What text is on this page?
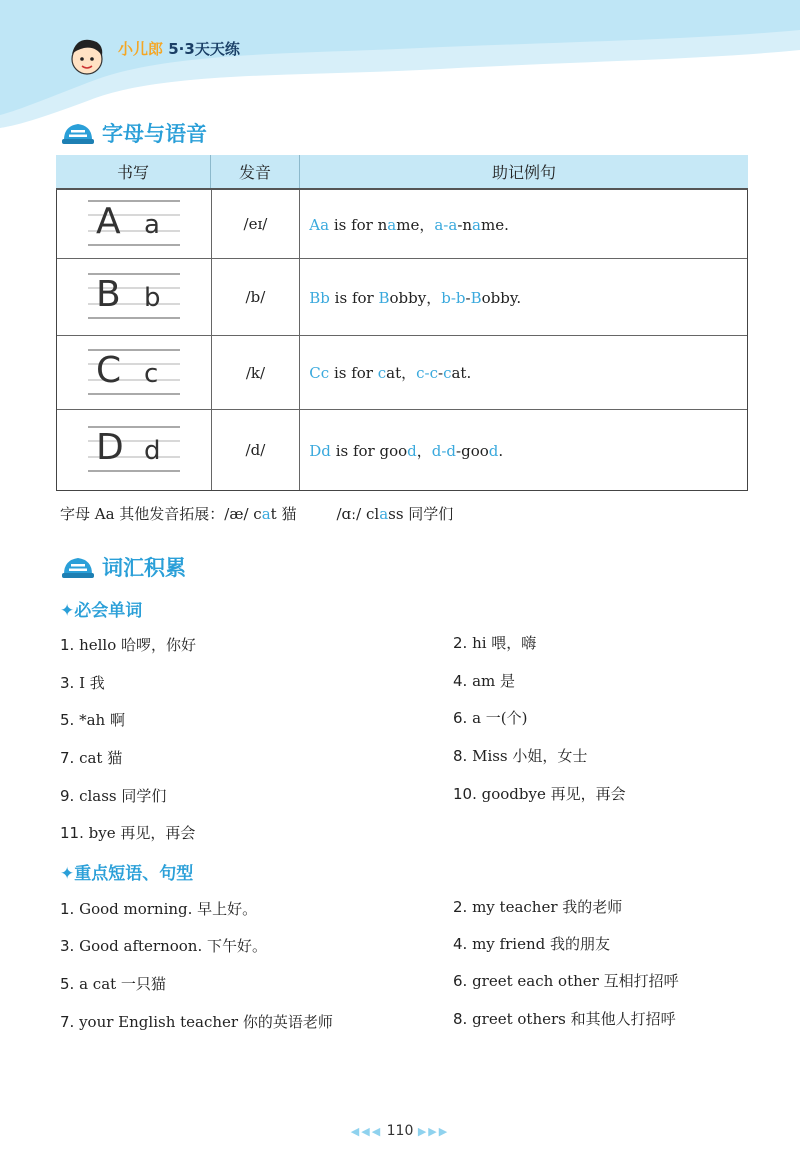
小儿郎 5·3天天练
字母与语音
书写	发音	助记例句
A a	/eɪ/	Aa is for name，a-a-name.
B b	/b/	Bb is for Bobby，b-b-Bobby.
C c	/k/	Cc is for cat，c-c-cat.
D d	/d/	Dd is for good，d-d-good.
字母 Aa 其他发音拓展：/æ/ cat 猫	/ɑː/ class 同学们
词汇积累
✦必会单词
1. hello 哈啰，你好	2. hi 喂，嗨
3. I 我	4. am 是
5. *ah 啊	6. a 一(个)
7. cat 猫	8. Miss 小姐，女士
9. class 同学们	10. goodbye 再见，再会
11. bye 再见，再会
✦重点短语、句型
1. Good morning. 早上好。	2. my teacher 我的老师
3. Good afternoon. 下午好。	4. my friend 我的朋友
5. a cat 一只猫	6. greet each other 互相打招呼
7. your English teacher 你的英语老师	8. greet others 和其他人打招呼
◀◀◀ 110 ▶▶▶
